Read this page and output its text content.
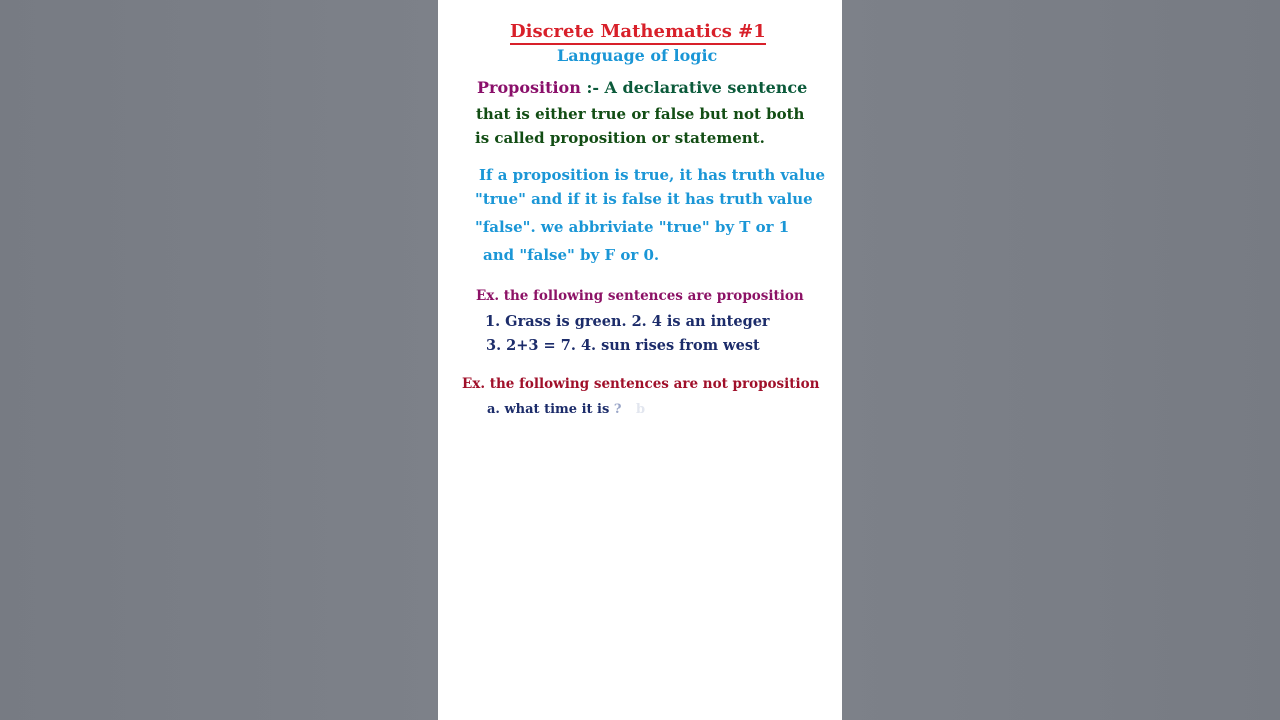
Discrete Mathematics #1
Language of logic
Proposition :- A declarative sentence
that is either true or false but not both
is called proposition or statement.
If a proposition is true, it has truth value
"true" and if it is false it has truth value
"false". we abbriviate "true" by T or 1
and "false" by F or 0.
Ex. the following sentences are proposition
1. Grass is green. 2. 4 is an integer
3. 2+3 = 7. 4. sun rises from west
Ex. the following sentences are not proposition
a. what time it is ? b
